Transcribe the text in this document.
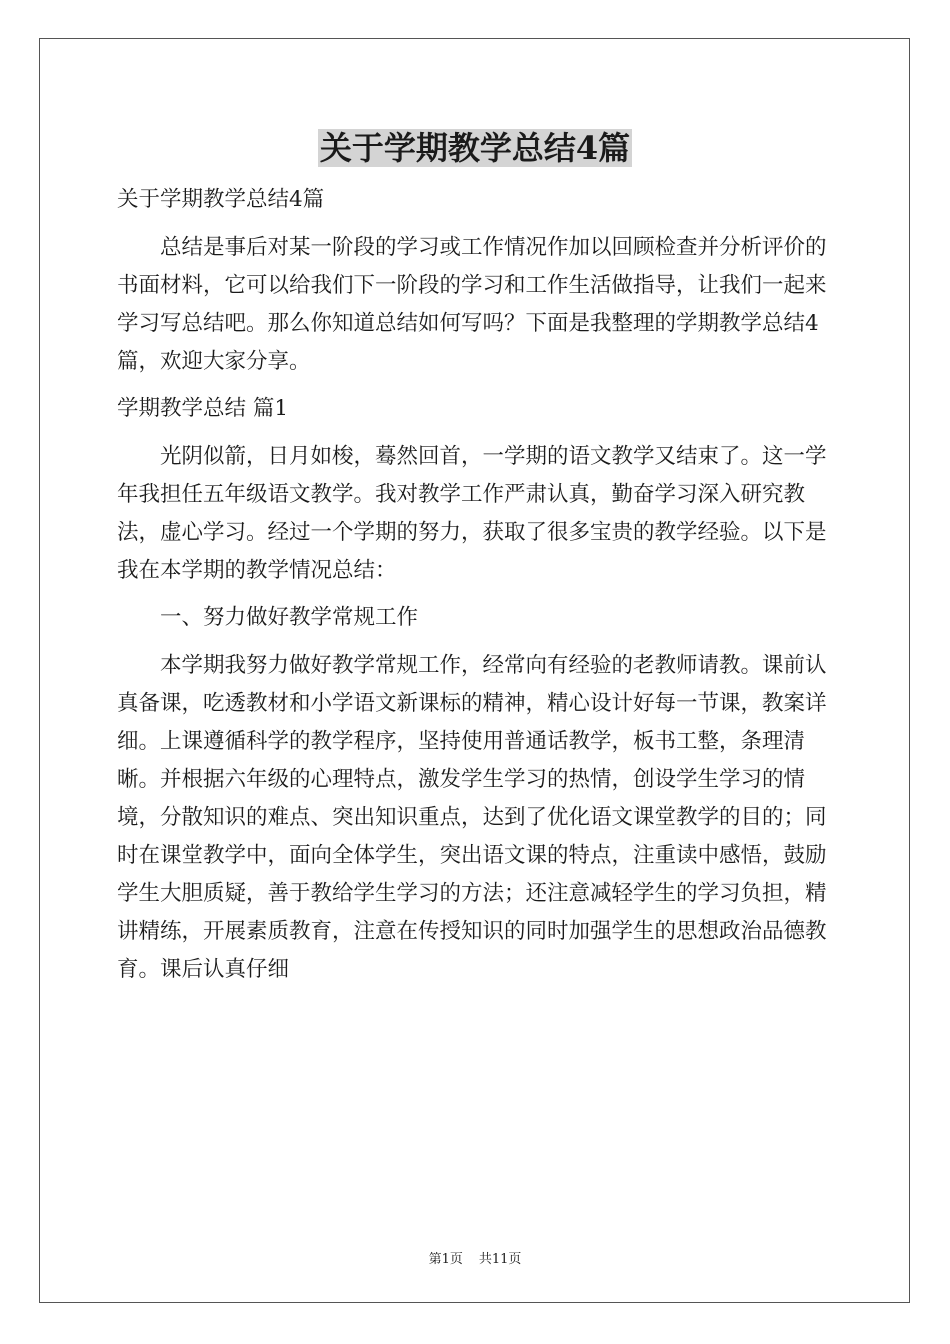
关于学期教学总结4篇

关于学期教学总结4篇

总结是事后对某一阶段的学习或工作情况作加以回顾检查并分析评价的书面材料，它可以给我们下一阶段的学习和工作生活做指导，让我们一起来学习写总结吧。那么你知道总结如何写吗？下面是我整理的学期教学总结4篇，欢迎大家分享。

学期教学总结 篇1

光阴似箭，日月如梭，蓦然回首，一学期的语文教学又结束了。这一学年我担任五年级语文教学。我对教学工作严肃认真，勤奋学习深入研究教法，虚心学习。经过一个学期的努力，获取了很多宝贵的教学经验。以下是我在本学期的教学情况总结：

一、努力做好教学常规工作

本学期我努力做好教学常规工作，经常向有经验的老教师请教。课前认真备课，吃透教材和小学语文新课标的精神，精心设计好每一节课，教案详细。上课遵循科学的教学程序，坚持使用普通话教学，板书工整，条理清晰。并根据六年级的心理特点，激发学生学习的热情，创设学生学习的情境，分散知识的难点、突出知识重点，达到了优化语文课堂教学的目的；同时在课堂教学中，面向全体学生，突出语文课的特点，注重读中感悟，鼓励学生大胆质疑，善于教给学生学习的方法；还注意减轻学生的学习负担，精讲精练，开展素质教育，注意在传授知识的同时加强学生的思想政治品德教育。课后认真仔细

第1页 共11页
